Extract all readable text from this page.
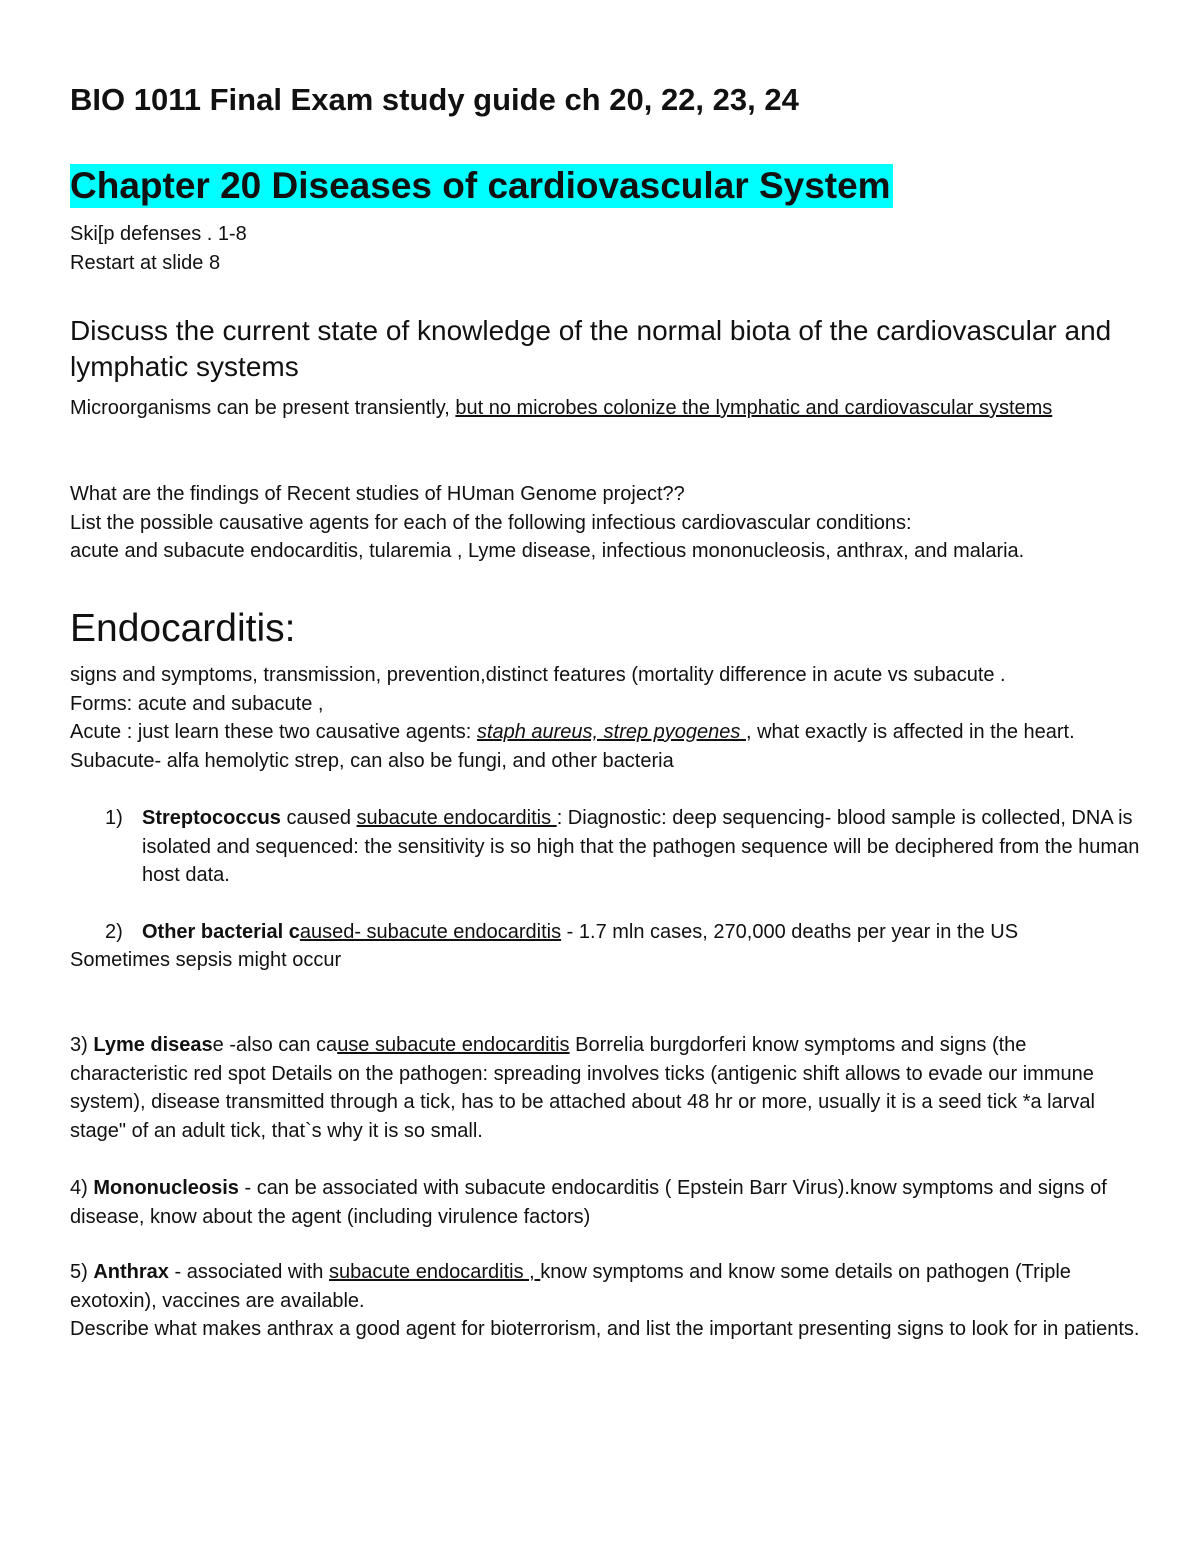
BIO 1011 Final Exam study guide ch 20, 22, 23, 24
Chapter 20 Diseases of cardiovascular System
Ski[p defenses . 1-8
Restart at slide 8
Discuss the current state of knowledge of the normal biota of the cardiovascular and lymphatic systems
Microorganisms can be present transiently, but no microbes colonize the lymphatic and cardiovascular systems
What are the findings of Recent studies of HUman Genome project??
List the possible causative agents for each of the following infectious cardiovascular conditions:
acute and subacute endocarditis, tularemia , Lyme disease, infectious mononucleosis, anthrax, and malaria.
Endocarditis:
signs and symptoms, transmission, prevention,distinct features (mortality difference in acute vs subacute .
Forms: acute and subacute ,
Acute : just learn these two causative agents: staph aureus, strep pyogenes , what exactly is affected in the heart. Subacute- alfa hemolytic strep, can also be fungi, and other bacteria
1) Streptococcus caused subacute endocarditis : Diagnostic: deep sequencing- blood sample is collected, DNA is isolated and sequenced: the sensitivity is so high that the pathogen sequence will be deciphered from the human host data.
2) Other bacterial caused- subacute endocarditis - 1.7 mln cases, 270,000 deaths per year in the US
Sometimes sepsis might occur
3) Lyme disease -also can cause subacute endocarditis Borrelia burgdorferi know symptoms and signs (the characteristic red spot Details on the pathogen: spreading involves ticks (antigenic shift allows to evade our immune system), disease transmitted through a tick, has to be attached about 48 hr or more, usually it is a seed tick *a larval stage" of an adult tick, that`s why it is so small.
4) Mononucleosis - can be associated with subacute endocarditis ( Epstein Barr Virus).know symptoms and signs of disease, know about the agent (including virulence factors)
5) Anthrax - associated with subacute endocarditis , know symptoms and know some details on pathogen (Triple exotoxin), vaccines are available.
Describe what makes anthrax a good agent for bioterrorism, and list the important presenting signs to look for in patients.
